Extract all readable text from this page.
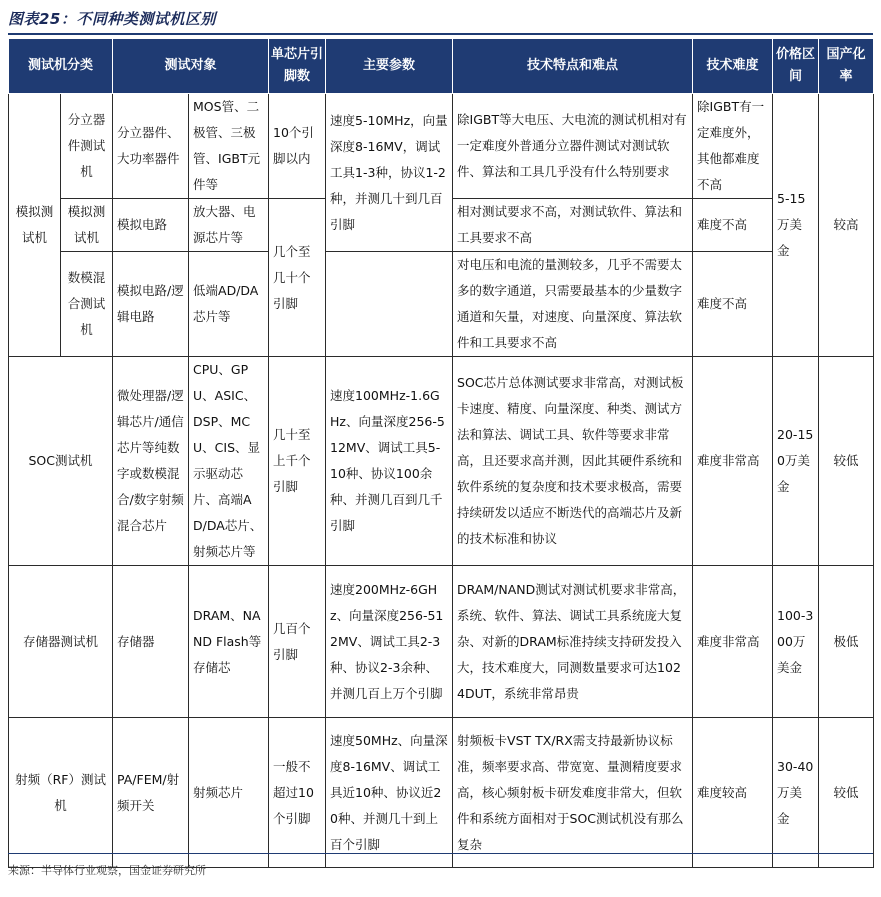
图表25：不同种类测试机区别
测试机分类		测试对象		单芯片引脚数	主要参数	技术特点和难点	技术难度	价格区间	国产化率
模拟测试机	分立器件测试机	分立器件、大功率器件	MOS管、二极管、三极管、IGBT元件等	10个引脚以内	速度5-10MHz，向量深度8-16MV，调试工具1-3种，协议1-2种，并测几十到几百引脚	除IGBT等大电压、大电流的测试机相对有一定难度外普通分立器件测试对测试软件、算法和工具几乎没有什么特别要求	除IGBT有一定难度外，其他都难度不高	5-15万美金	较高
	模拟测试机	模拟电路	放大器、电源芯片等	几个至几十个引脚		相对测试要求不高，对测试软件、算法和工具要求不高	难度不高		
	数模混合测试机	模拟电路/逻辑电路	低端AD/DA芯片等			对电压和电流的量测较多，几乎不需要太多的数字通道，只需要最基本的少量数字通道和矢量，对速度、向量深度、算法软件和工具要求不高	难度不高		
SOC测试机		微处理器/逻辑芯片/通信芯片等纯数字或数模混合/数字射频混合芯片	CPU、GPU、ASIC、DSP、MCU、CIS、显示驱动芯片、高端AD/DA芯片、射频芯片等	几十至上千个引脚	速度100MHz-1.6GHz、向量深度256-512MV、调试工具5-10种、协议100余种、并测几百到几千引脚	SOC芯片总体测试要求非常高，对测试板卡速度、精度、向量深度、种类、测试方法和算法、调试工具、软件等要求非常高，且还要求高并测，因此其硬件系统和软件系统的复杂度和技术要求极高，需要持续研发以适应不断迭代的高端芯片及新的技术标准和协议	难度非常高	20-150万美金	较低
存储器测试机		存储器	DRAM、NAND Flash等存储芯	几百个引脚	速度200MHz-6GHz、向量深度256-512MV、调试工具2-3种、协议2-3余种、并测几百上万个引脚	DRAM/NAND测试对测试机要求非常高，系统、软件、算法、调试工具系统庞大复杂、对新的DRAM标准持续支持研发投入大，技术难度大，同测数量要求可达1024DUT，系统非常昂贵	难度非常高	100-300万美金	极低
射频（RF）测试机		PA/FEM/射频开关	射频芯片	一般不超过10个引脚	速度50MHz、向量深度8-16MV、调试工具近10种、协议近20种、并测几十到上百个引脚	射频板卡VST TX/RX需支持最新协议标准，频率要求高、带宽宽、量测精度要求高，核心频射板卡研发难度非常大，但软件和系统方面相对于SOC测试机没有那么复杂	难度较高	30-40万美金	较低
来源：半导体行业观察，国金证券研究所
